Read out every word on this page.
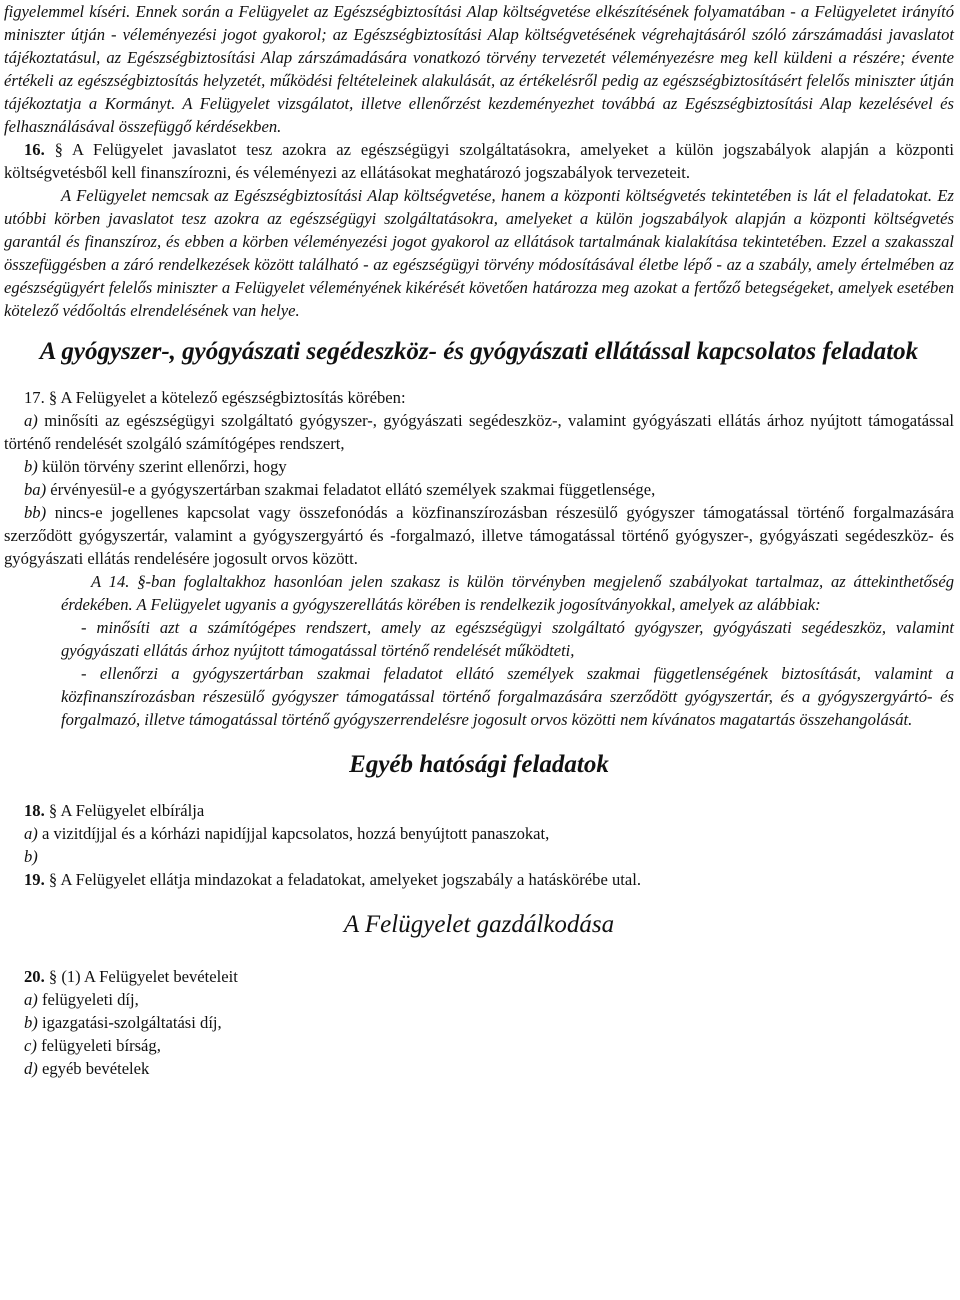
figyelemmel kíséri. Ennek során a Felügyelet az Egészségbiztosítási Alap költségvetése elkészítésének folyamatában - a Felügyeletet irányító miniszter útján - véleményezési jogot gyakorol; az Egészségbiztosítási Alap költségvetésének végrehajtásáról szóló zárszámadási javaslatot tájékoztatásul, az Egészségbiztosítási Alap zárszámadására vonatkozó törvény tervezetét véleményezésre meg kell küldeni a részére; évente értékeli az egészségbiztosítás helyzetét, működési feltételeinek alakulását, az értékelésről pedig az egészségbiztosításért felelős miniszter útján tájékoztatja a Kormányt. A Felügyelet vizsgálatot, illetve ellenőrzést kezdeményezhet továbbá az Egészségbiztosítási Alap kezelésével és felhasználásával összefüggő kérdésekben.

16. § A Felügyelet javaslatot tesz azokra az egészségügyi szolgáltatásokra, amelyeket a külön jogszabályok alapján a központi költségvetésből kell finanszírozni, és véleményezi az ellátásokat meghatározó jogszabályok tervezeteit.

A Felügyelet nemcsak az Egészségbiztosítási Alap költségvetése, hanem a központi költségvetés tekintetében is lát el feladatokat. Ez utóbbi körben javaslatot tesz azokra az egészségügyi szolgáltatásokra, amelyeket a külön jogszabályok alapján a központi költségvetés garantál és finanszíroz, és ebben a körben véleményezési jogot gyakorol az ellátások tartalmának kialakítása tekintetében. Ezzel a szakasszal összefüggésben a záró rendelkezések között található - az egészségügyi törvény módosításával életbe lépő - az a szabály, amely értelmében az egészségügyért felelős miniszter a Felügyelet véleményének kikérését követően határozza meg azokat a fertőző betegségeket, amelyek esetében kötelező védőoltás elrendelésének van helye.

A gyógyszer-, gyógyászati segédeszköz- és gyógyászati ellátással kapcsolatos feladatok

17. § A Felügyelet a kötelező egészségbiztosítás körében:

a) minősíti az egészségügyi szolgáltató gyógyszer-, gyógyászati segédeszköz-, valamint gyógyászati ellátás árhoz nyújtott támogatással történő rendelését szolgáló számítógépes rendszert,

b) külön törvény szerint ellenőrzi, hogy

ba) érvényesül-e a gyógyszertárban szakmai feladatot ellátó személyek szakmai függetlensége,

bb) nincs-e jogellenes kapcsolat vagy összefonódás a közfinanszírozásban részesülő gyógyszer támogatással történő forgalmazására szerződött gyógyszertár, valamint a gyógyszergyártó és -forgalmazó, illetve támogatással történő gyógyszer-, gyógyászati segédeszköz- és gyógyászati ellátás rendelésére jogosult orvos között.

A 14. §-ban foglaltakhoz hasonlóan jelen szakasz is külön törvényben megjelenő szabályokat tartalmaz, az áttekinthetőség érdekében. A Felügyelet ugyanis a gyógyszerellátás körében is rendelkezik jogosítványokkal, amelyek az alábbiak:

- minősíti azt a számítógépes rendszert, amely az egészségügyi szolgáltató gyógyszer, gyógyászati segédeszköz, valamint gyógyászati ellátás árhoz nyújtott támogatással történő rendelését működteti,

- ellenőrzi a gyógyszertárban szakmai feladatot ellátó személyek szakmai függetlenségének biztosítását, valamint a közfinanszírozásban részesülő gyógyszer támogatással történő forgalmazására szerződött gyógyszertár, és a gyógyszergyártó- és forgalmazó, illetve támogatással történő gyógyszerrendelésre jogosult orvos közötti nem kívánatos magatartás összehangolását.

Egyéb hatósági feladatok

18. § A Felügyelet elbírálja

a) a vizitdíjjal és a kórházi napidíjjal kapcsolatos, hozzá benyújtott panaszokat,

b)

19. § A Felügyelet ellátja mindazokat a feladatokat, amelyeket jogszabály a hatáskörébe utal.

A Felügyelet gazdálkodása

20. § (1) A Felügyelet bevételeit

a) felügyeleti díj,

b) igazgatási-szolgáltatási díj,

c) felügyeleti bírság,

d) egyéb bevételek
